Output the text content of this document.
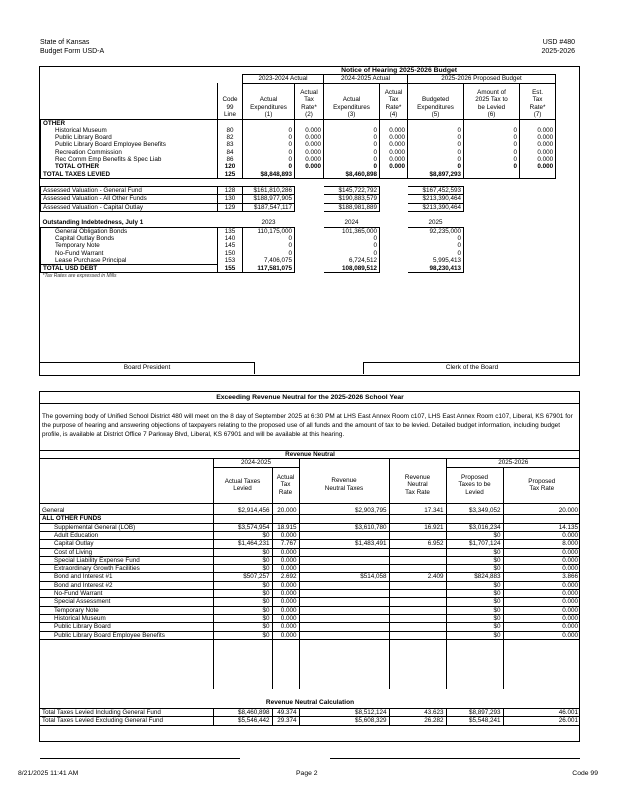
State of Kansas
Budget Form USD-A
USD #480
2025-2026
		Notice of Hearing 2025-2026 Budget							
		2023-2024 Actual		2024-2025 Actual		2025-2026 Proposed Budget			
	Code
99
Line	Actual
Expenditures
(1)	Actual
Tax
Rate*
(2)	Actual
Expenditures
(3)	Actual
Tax
Rate*
(4)	Budgeted
Expenditures
(5)	Amount of
2025 Tax to
be Levied
(6)	Est.
Tax
Rate*
(7)	
OTHER									
Historical Museum	80	0	0.000	0	0.000	0	0	0.000	
Public Library Board	82	0	0.000	0	0.000	0	0	0.000	
Public Library Board Employee Benefits	83	0	0.000	0	0.000	0	0	0.000	
Recreation Commission	84	0	0.000	0	0.000	0	0	0.000	
Rec Comm Emp Benefits & Spec Liab	86	0	0.000	0	0.000	0	0	0.000	
TOTAL OTHER	120	0	0.000	0	0.000	0	0	0.000	
TOTAL TAXES LEVIED	125	$8,848,893		$8,460,898		$8,897,293			

Assessed Valuation - General Fund	128	$161,810,286		$145,722,792		$167,452,593			
Assessed Valuation - All Other Funds	130	$188,977,905		$190,883,579		$213,390,464			
Assessed Valuation - Capital Outlay	129	$187,547,117		$188,981,889		$213,390,464			

Outstanding Indebtedness, July 1		2023		2024		2025			
General Obligation Bonds	135	110,175,000		101,365,000		92,235,000			
Capital Outlay Bonds	140	0		0		0			
Temporary Note	145	0		0		0			
No-Fund Warrant	150	0		0		0			
Lease Purchase Principal	153	7,406,075		6,724,512		5,995,413			
TOTAL USD DEBT	155	117,581,075		108,089,512		98,230,413			
*Tax Rates are expressed in Mills									
Board President	Clerk of the Board
Exceeding Revenue Neutral for the 2025-2026 School Year
The governing body of Unified School District 480 will meet on the 8 day of September 2025 at 6:30 PM at LHS East Annex Room c107, LHS East Annex Room c107, Liberal, KS 67901 for the purpose of hearing and answering objections of taxpayers relating to the proposed use of all funds and the amount of tax to be levied. Detailed budget information, including budget profile, is available at District Office 7 Parkway Blvd, Liberal, KS 67901 and will be available at this hearing.
Revenue Neutral						
	2024-2025				2025-2026	
	Actual Taxes
Levied	Actual
Tax
Rate	Revenue
Neutral Taxes	Revenue
Neutral
Tax Rate	Proposed
Taxes to be
Levied	Proposed
Tax Rate

General	$2,914,456	20.000	$2,903,795	17.341	$3,349,052	20.000
ALL OTHER FUNDS						
Supplemental General (LOB)	$3,574,954	18.915	$3,610,780	16.921	$3,016,234	14.135
Adult Education	$0	0.000			$0	0.000
Capital Outlay	$1,464,231	7.767	$1,483,491	6.952	$1,707,124	8.000
Cost of Living	$0	0.000			$0	0.000
Special Liability Expense Fund	$0	0.000			$0	0.000
Extraordinary Growth Facilities	$0	0.000			$0	0.000
Bond and Interest #1	$507,257	2.692	$514,058	2.409	$824,883	3.866
Bond and Interest #2	$0	0.000			$0	0.000
No-Fund Warrant	$0	0.000			$0	0.000
Special Assessment	$0	0.000			$0	0.000
Temporary Note	$0	0.000			$0	0.000
Historical Museum	$0	0.000			$0	0.000
Public Library Board	$0	0.000			$0	0.000
Public Library Board Employee Benefits	$0	0.000			$0	0.000

Revenue Neutral Calculation
Total Taxes Levied Including General Fund	$8,460,898	49.374	$8,512,124	43.623	$8,897,293	46.001
Total Taxes Levied Excluding General Fund	$5,546,442	29.374	$5,608,329	26.282	$5,548,241	26.001
8/21/2025 11:41 AM	Page 2	Code 99
